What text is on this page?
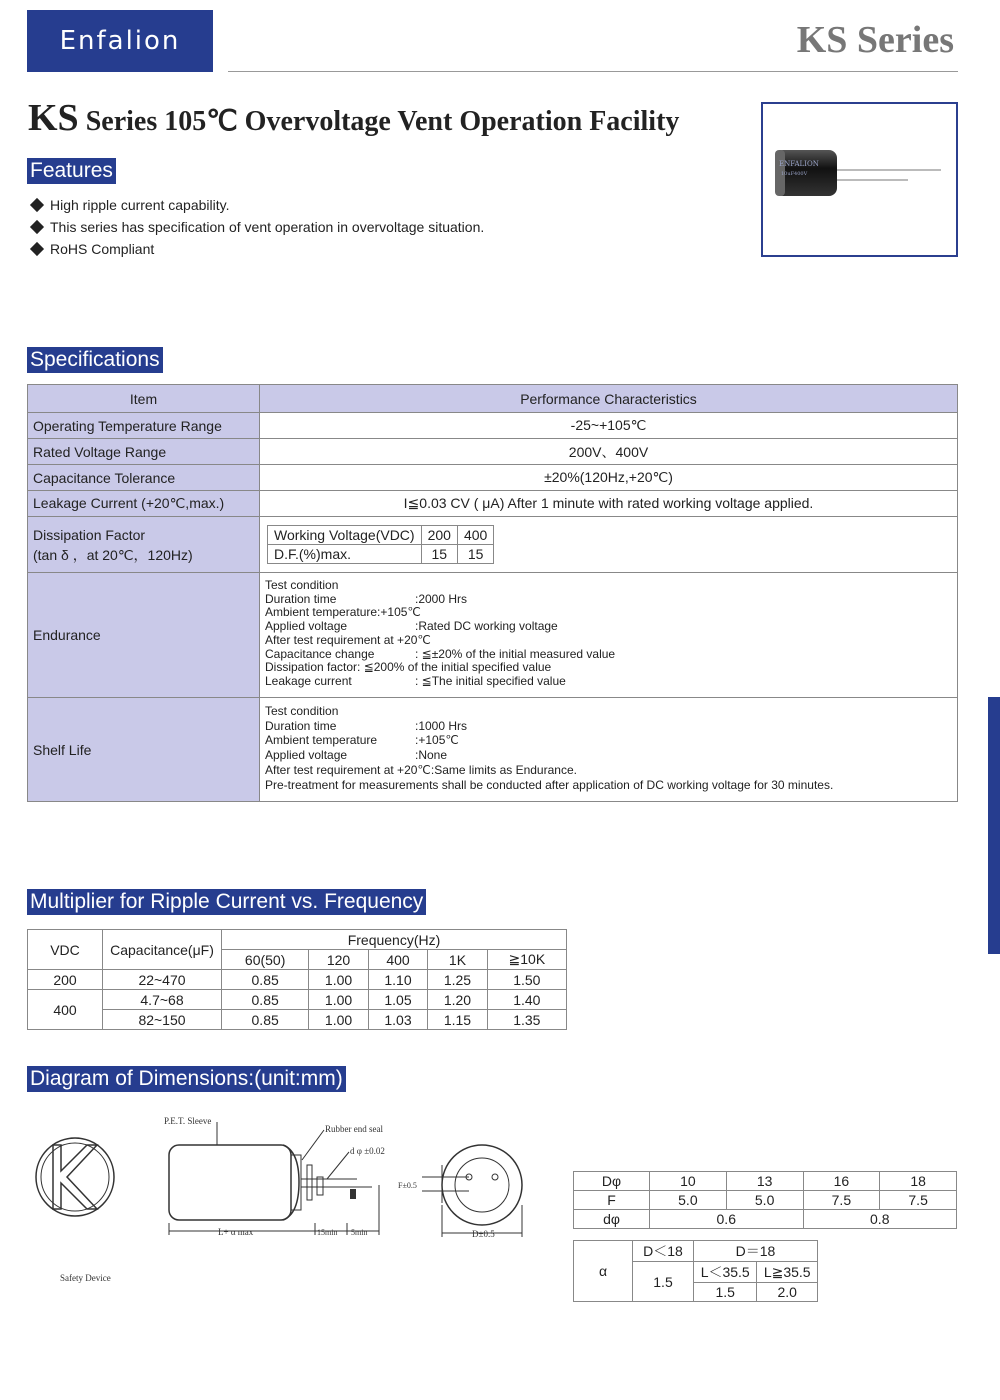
Enfalion	KS Series
KS Series 105℃ Overvoltage Vent Operation Facility
ENFALION
10uF400V
Features
High ripple current capability.
This series has specification of vent operation in overvoltage situation.
RoHS Compliant
Specifications
Item	Performance Characteristics
Operating Temperature Range	-25~+105℃
Rated Voltage Range	200V、400V
Capacitance Tolerance	±20%(120Hz,+20℃)
Leakage Current (+20℃,max.)	I≦0.03 CV ( μA) After 1 minute with rated working voltage applied.

Dissipation Factor
(tan δ ，at 20℃，120Hz)

Working Voltage(VDC)	200	400
D.F.(%)max.	15	15

Endurance	
Test condition
Duration time	:2000 Hrs
Ambient temperature:+105℃
Applied voltage	:Rated DC working voltage
After test requirement at +20℃
Capacitance change	: ≦±20% of the initial measured value
Dissipation factor: ≦200% of the initial specified value
Leakage current	: ≦The initial specified value

Shelf Life	
Test condition
Duration time	:1000 Hrs
Ambient temperature	:+105℃
Applied voltage	:None
After test requirement at +20℃:Same limits as Endurance.
Pre-treatment for measurements shall be conducted after application of DC working voltage for 30 minutes.
Multiplier for Ripple Current vs. Frequency
VDC	Capacitance(μF)	Frequency(Hz)				
		60(50)	120	400	1K	≧10K
200	22~470	0.85	1.00	1.10	1.25	1.50
400	4.7~68	0.85	1.00	1.05	1.20	1.40
	82~150	0.85	1.00	1.03	1.15	1.35
Diagram of Dimensions:(unit:mm)
Safety Device
P.E.T. Sleeve
Rubber end seal
d φ ±0.02
L+ α max	15min 5min
F±0.5
D±0.5
Dφ	10	13	16	18
F	5.0	5.0	7.5	7.5
dφ	0.6		0.8	
α	D＜18	D＝18	
	1.5	L＜35.5	L≧35.5
		1.5	2.0
